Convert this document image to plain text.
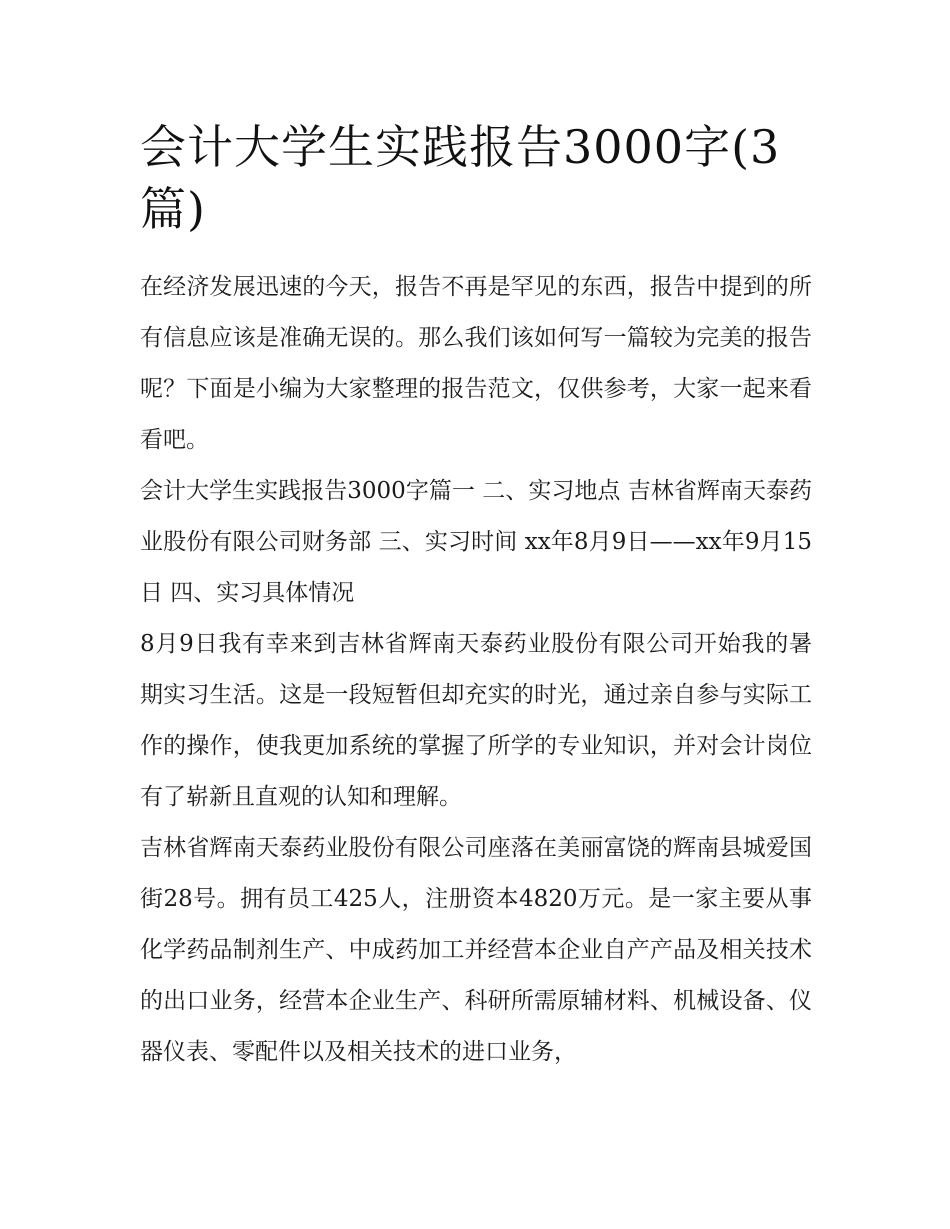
会计大学生实践报告3000字(3篇)

在经济发展迅速的今天，报告不再是罕见的东西，报告中提到的所有信息应该是准确无误的。那么我们该如何写一篇较为完美的报告呢？下面是小编为大家整理的报告范文，仅供参考，大家一起来看看吧。

会计大学生实践报告3000字篇一 二、实习地点 吉林省辉南天泰药业股份有限公司财务部 三、实习时间 xx年8月9日——xx年9月15日 四、实习具体情况

8月9日我有幸来到吉林省辉南天泰药业股份有限公司开始我的暑期实习生活。这是一段短暂但却充实的时光，通过亲自参与实际工作的操作，使我更加系统的掌握了所学的专业知识，并对会计岗位有了崭新且直观的认知和理解。

吉林省辉南天泰药业股份有限公司座落在美丽富饶的辉南县城爱国街28号。拥有员工425人，注册资本4820万元。是一家主要从事化学药品制剂生产、中成药加工并经营本企业自产产品及相关技术的出口业务，经营本企业生产、科研所需原辅材料、机械设备、仪器仪表、零配件以及相关技术的进口业务，
